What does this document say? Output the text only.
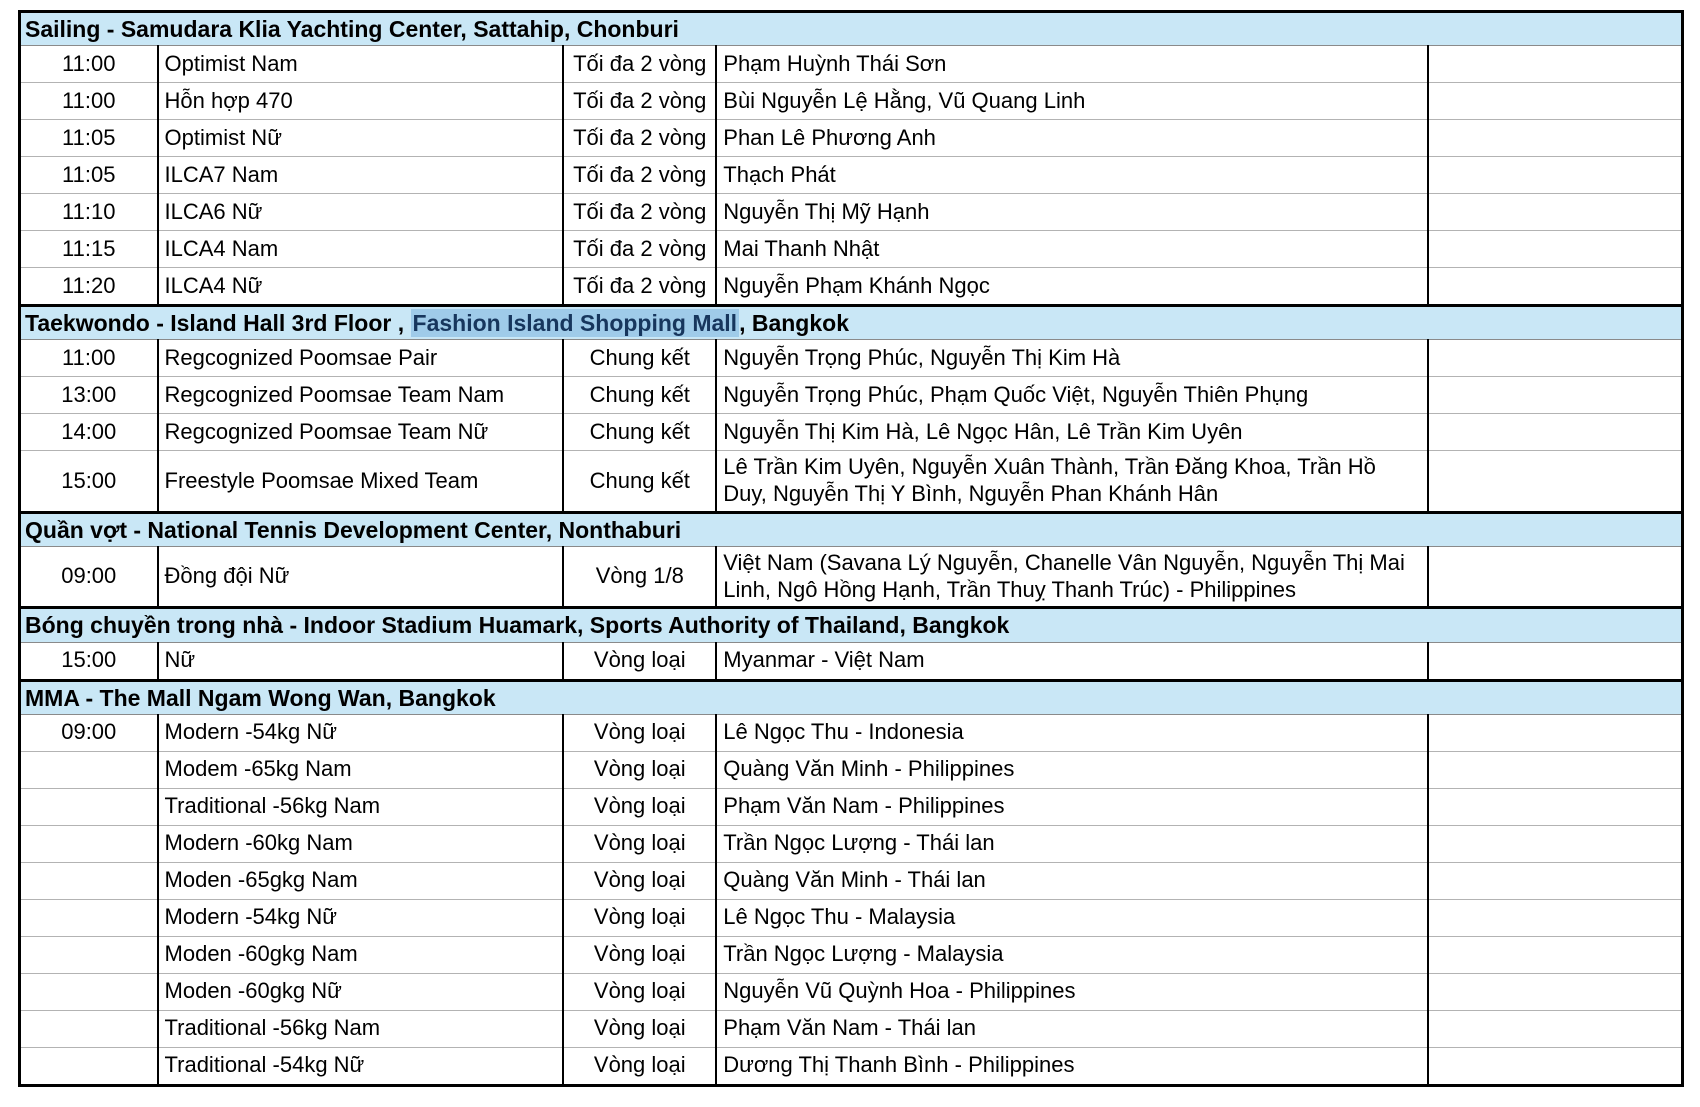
Sailing - Samudara Klia Yachting Center, Sattahip, Chonburi				
11:00	Optimist Nam	Tối đa 2 vòng	Phạm Huỳnh Thái Sơn	
11:00	Hỗn hợp 470	Tối đa 2 vòng	Bùi Nguyễn Lệ Hằng, Vũ Quang Linh	
11:05	Optimist Nữ	Tối đa 2 vòng	Phan Lê Phương Anh	
11:05	ILCA7 Nam	Tối đa 2 vòng	Thạch Phát	
11:10	ILCA6 Nữ	Tối đa 2 vòng	Nguyễn Thị Mỹ Hạnh	
11:15	ILCA4 Nam	Tối đa 2 vòng	Mai Thanh Nhật	
11:20	ILCA4 Nữ	Tối đa 2 vòng	Nguyễn Phạm Khánh Ngọc	
Taekwondo - Island Hall 3rd Floor , Fashion Island Shopping Mall, Bangkok				
11:00	Regcognized Poomsae Pair	Chung kết	Nguyễn Trọng Phúc, Nguyễn Thị Kim Hà	
13:00	Regcognized Poomsae Team Nam	Chung kết	Nguyễn Trọng Phúc, Phạm Quốc Việt, Nguyễn Thiên Phụng	
14:00	Regcognized Poomsae Team Nữ	Chung kết	Nguyễn Thị Kim Hà, Lê Ngọc Hân, Lê Trần Kim Uyên	
15:00	Freestyle Poomsae Mixed Team	Chung kết	Lê Trần Kim Uyên, Nguyễn Xuân Thành, Trần Đăng Khoa, Trần Hồ Duy, Nguyễn Thị Y Bình, Nguyễn Phan Khánh Hân	
Quần vợt - National Tennis Development Center, Nonthaburi				
09:00	Đồng đội Nữ	Vòng 1/8	Việt Nam (Savana Lý Nguyễn, Chanelle Vân Nguyễn, Nguyễn Thị Mai Linh, Ngô Hồng Hạnh, Trần Thuỵ Thanh Trúc) - Philippines	
Bóng chuyền trong nhà - Indoor Stadium Huamark, Sports Authority of Thailand, Bangkok				
15:00	Nữ	Vòng loại	Myanmar - Việt Nam	
MMA - The Mall Ngam Wong Wan, Bangkok				
09:00	Modern -54kg Nữ	Vòng loại	Lê Ngọc Thu - Indonesia	
	Modem -65kg Nam	Vòng loại	Quàng Văn Minh - Philippines	
	Traditional -56kg Nam	Vòng loại	Phạm Văn Nam - Philippines	
	Modern -60kg Nam	Vòng loại	Trần Ngọc Lượng - Thái lan	
	Moden -65gkg Nam	Vòng loại	Quàng Văn Minh - Thái lan	
	Modern -54kg Nữ	Vòng loại	Lê Ngọc Thu - Malaysia	
	Moden -60gkg Nam	Vòng loại	Trần Ngọc Lượng - Malaysia	
	Moden -60gkg Nữ	Vòng loại	Nguyễn Vũ Quỳnh Hoa - Philippines	
	Traditional -56kg Nam	Vòng loại	Phạm Văn Nam - Thái lan	
	Traditional -54kg Nữ	Vòng loại	Dương Thị Thanh Bình - Philippines	
